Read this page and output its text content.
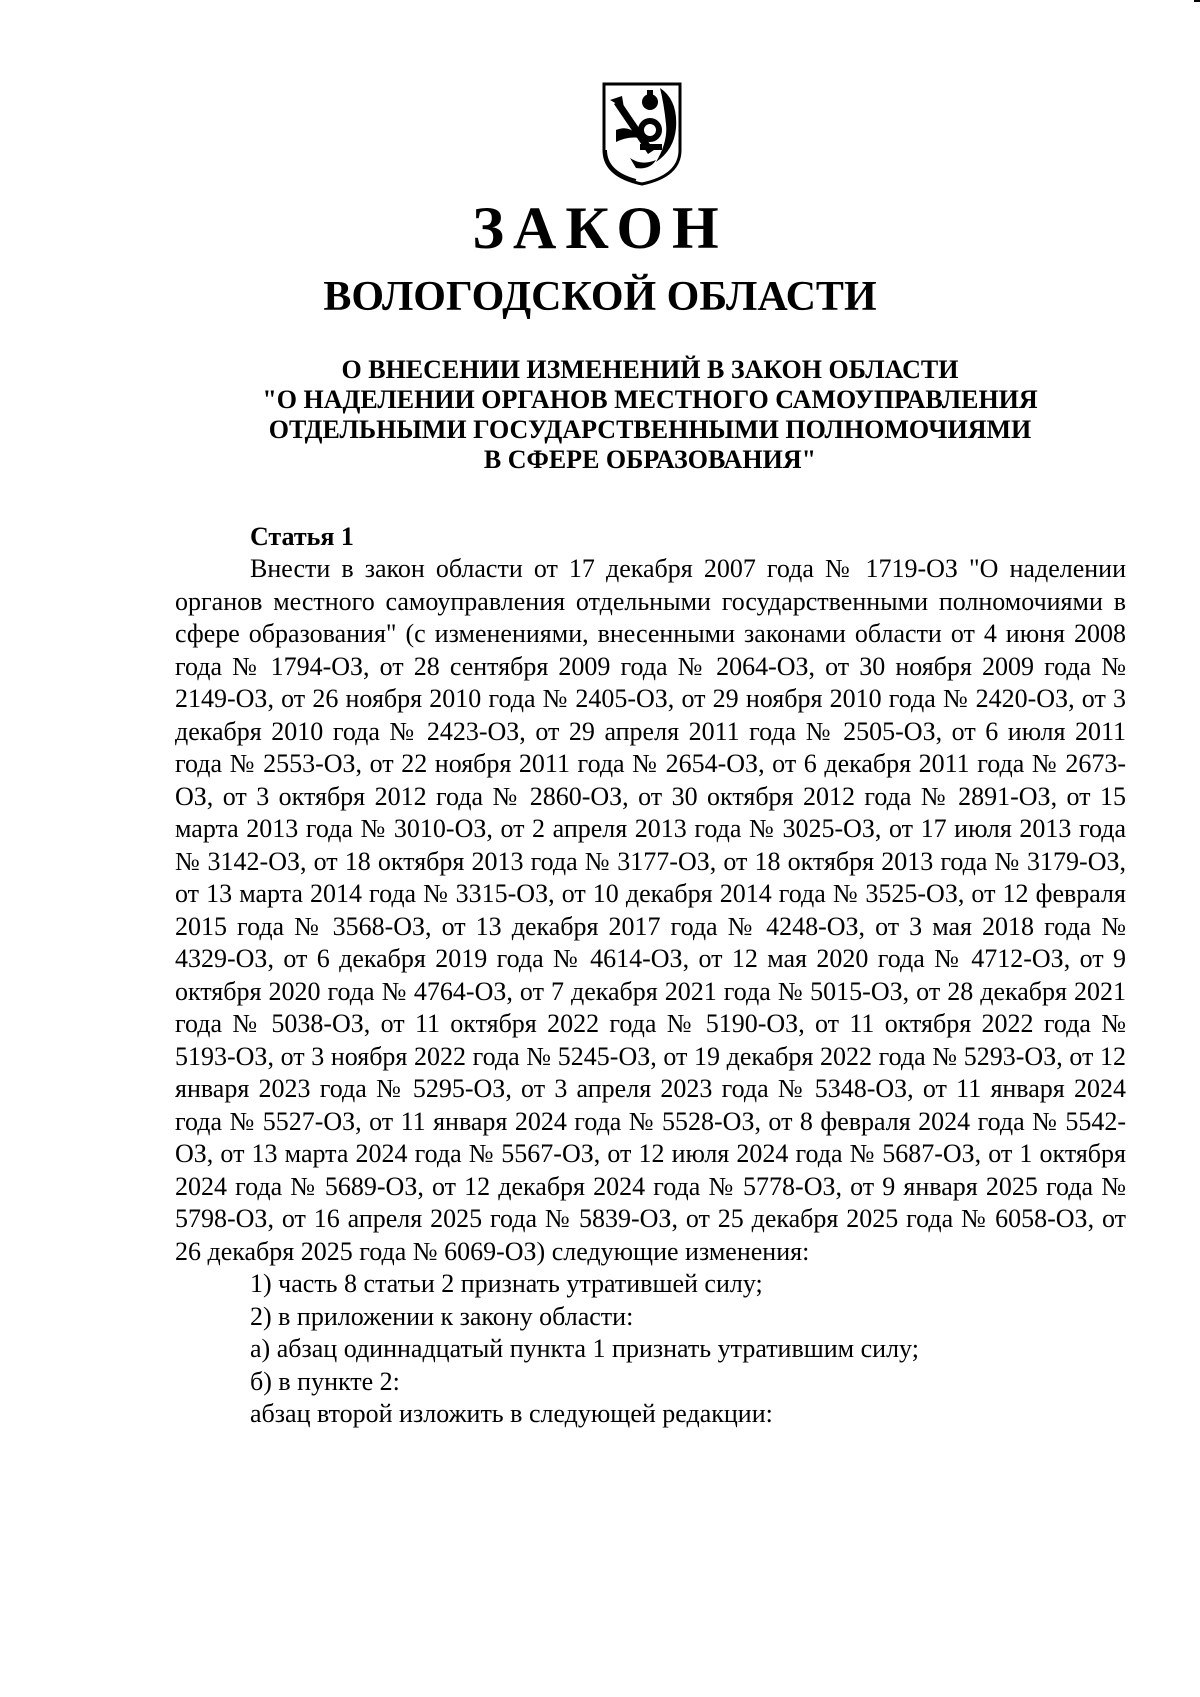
ЗАКОН
ВОЛОГОДСКОЙ ОБЛАСТИ
О ВНЕСЕНИИ ИЗМЕНЕНИЙ В ЗАКОН ОБЛАСТИ
"О НАДЕЛЕНИИ ОРГАНОВ МЕСТНОГО САМОУПРАВЛЕНИЯ
ОТДЕЛЬНЫМИ ГОСУДАРСТВЕННЫМИ ПОЛНОМОЧИЯМИ
В СФЕРЕ ОБРАЗОВАНИЯ"
Статья 1

Внести в закон области от 17 декабря 2007 года № 1719-ОЗ "О наделении органов местного самоуправления отдельными государственными полномочиями в сфере образования" (с изменениями, внесенными законами области от 4 июня 2008 года № 1794-ОЗ, от 28 сентября 2009 года № 2064-ОЗ, от 30 ноября 2009 года № 2149-ОЗ, от 26 ноября 2010 года № 2405-ОЗ, от 29 ноября 2010 года № 2420-ОЗ, от 3 декабря 2010 года № 2423-ОЗ, от 29 апреля 2011 года № 2505-ОЗ, от 6 июля 2011 года № 2553-ОЗ, от 22 ноября 2011 года № 2654-ОЗ, от 6 декабря 2011 года № 2673-ОЗ, от 3 октября 2012 года № 2860-ОЗ, от 30 октября 2012 года № 2891-ОЗ, от 15 марта 2013 года № 3010-ОЗ, от 2 апреля 2013 года № 3025-ОЗ, от 17 июля 2013 года № 3142-ОЗ, от 18 октября 2013 года № 3177-ОЗ, от 18 октября 2013 года № 3179-ОЗ, от 13 марта 2014 года № 3315-ОЗ, от 10 декабря 2014 года № 3525-ОЗ, от 12 февраля 2015 года № 3568-ОЗ, от 13 декабря 2017 года № 4248-ОЗ, от 3 мая 2018 года № 4329-ОЗ, от 6 декабря 2019 года № 4614-ОЗ, от 12 мая 2020 года № 4712-ОЗ, от 9 октября 2020 года № 4764-ОЗ, от 7 декабря 2021 года № 5015-ОЗ, от 28 декабря 2021 года № 5038-ОЗ, от 11 октября 2022 года № 5190-ОЗ, от 11 октября 2022 года № 5193-ОЗ, от 3 ноября 2022 года № 5245-ОЗ, от 19 декабря 2022 года № 5293-ОЗ, от 12 января 2023 года № 5295-ОЗ, от 3 апреля 2023 года № 5348-ОЗ, от 11 января 2024 года № 5527-ОЗ, от 11 января 2024 года № 5528-ОЗ, от 8 февраля 2024 года № 5542-ОЗ, от 13 марта 2024 года № 5567-ОЗ, от 12 июля 2024 года № 5687-ОЗ, от 1 октября 2024 года № 5689-ОЗ, от 12 декабря 2024 года № 5778-ОЗ, от 9 января 2025 года № 5798-ОЗ, от 16 апреля 2025 года № 5839-ОЗ, от 25 декабря 2025 года № 6058-ОЗ, от 26 декабря 2025 года № 6069-ОЗ) следующие изменения:

1) часть 8 статьи 2 признать утратившей силу;

2) в приложении к закону области:

а) абзац одиннадцатый пункта 1 признать утратившим силу;

б) в пункте 2:

абзац второй изложить в следующей редакции:
